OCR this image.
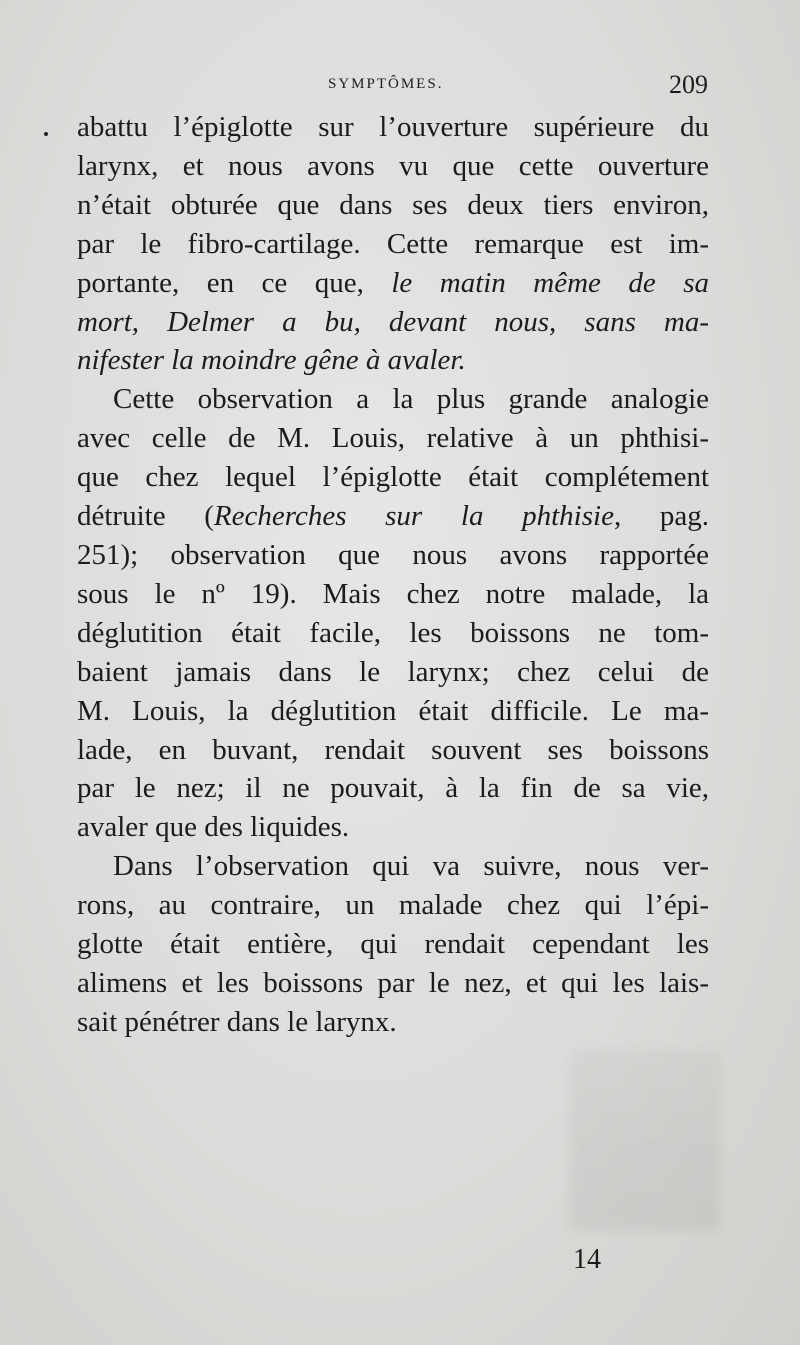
SYMPTÔMES.	209
abattu l’épiglotte sur l’ouverture supérieure du
larynx, et nous avons vu que cette ouverture
n’était obturée que dans ses deux tiers environ,
par le fibro-cartilage. Cette remarque est im-
portante, en ce que, le matin même de sa
mort, Delmer a bu, devant nous, sans ma-
nifester la moindre gêne à avaler.
Cette observation a la plus grande analogie
avec celle de M. Louis, relative à un phthisi-
que chez lequel l’épiglotte était complétement
détruite (Recherches sur la phthisie, pag.
251); observation que nous avons rapportée
sous le nº 19). Mais chez notre malade, la
déglutition était facile, les boissons ne tom-
baient jamais dans le larynx; chez celui de
M. Louis, la déglutition était difficile. Le ma-
lade, en buvant, rendait souvent ses boissons
par le nez; il ne pouvait, à la fin de sa vie,
avaler que des liquides.
Dans l’observation qui va suivre, nous ver-
rons, au contraire, un malade chez qui l’épi-
glotte était entière, qui rendait cependant les
alimens et les boissons par le nez, et qui les lais-
sait pénétrer dans le larynx.
14
